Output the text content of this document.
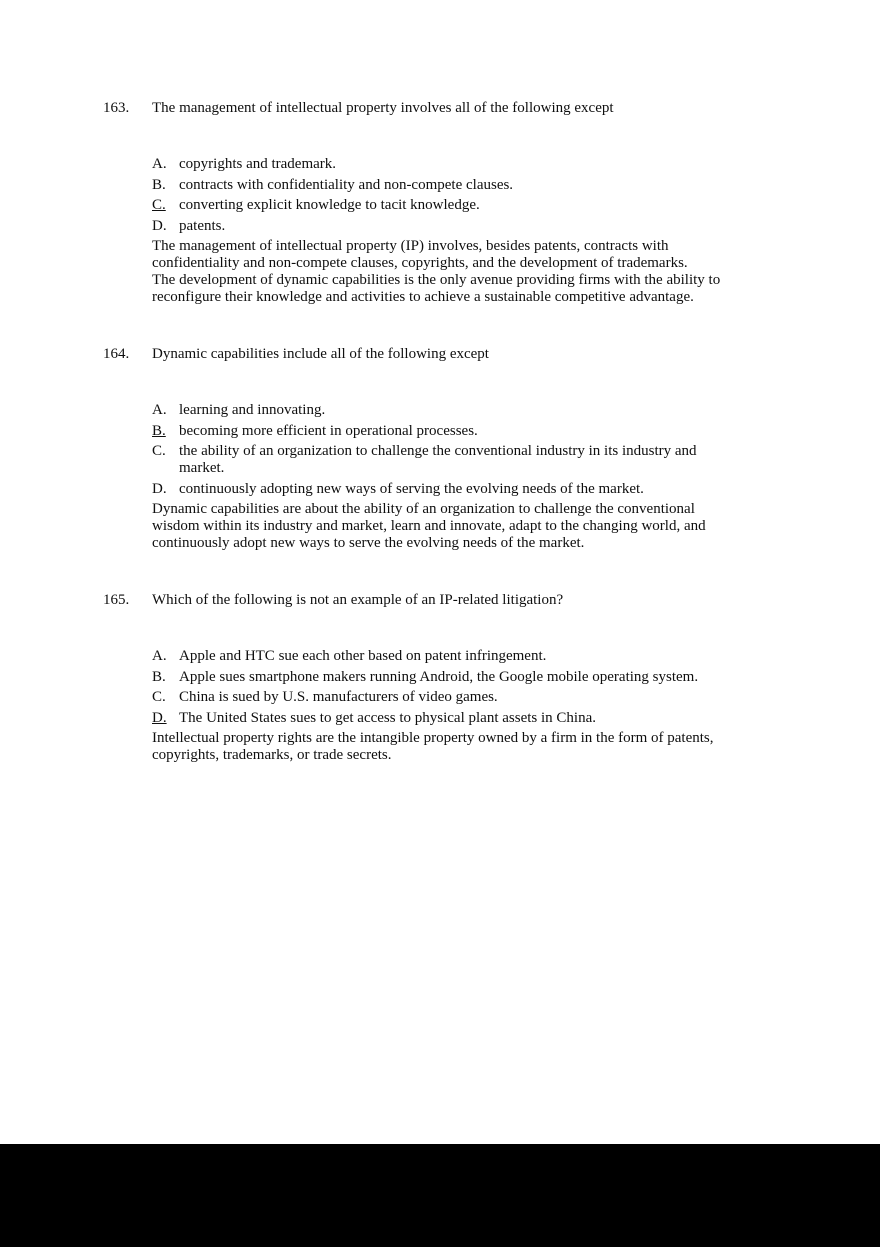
163.	The management of intellectual property involves all of the following except
A. copyrights and trademark.
B. contracts with confidentiality and non-compete clauses.
C. converting explicit knowledge to tacit knowledge.
D. patents.

The management of intellectual property (IP) involves, besides patents, contracts with confidentiality and non-compete clauses, copyrights, and the development of trademarks.

The development of dynamic capabilities is the only avenue providing firms with the ability to reconfigure their knowledge and activities to achieve a sustainable competitive advantage.

164.	Dynamic capabilities include all of the following except
A. learning and innovating.
B. becoming more efficient in operational processes.
C. the ability of an organization to challenge the conventional industry in its industry and market.
D. continuously adopting new ways of serving the evolving needs of the market.

Dynamic capabilities are about the ability of an organization to challenge the conventional wisdom within its industry and market, learn and innovate, adapt to the changing world, and continuously adopt new ways to serve the evolving needs of the market.

165.	Which of the following is not an example of an IP-related litigation?
A. Apple and HTC sue each other based on patent infringement.
B. Apple sues smartphone makers running Android, the Google mobile operating system.
C. China is sued by U.S. manufacturers of video games.
D. The United States sues to get access to physical plant assets in China.

Intellectual property rights are the intangible property owned by a firm in the form of patents, copyrights, trademarks, or trade secrets.
